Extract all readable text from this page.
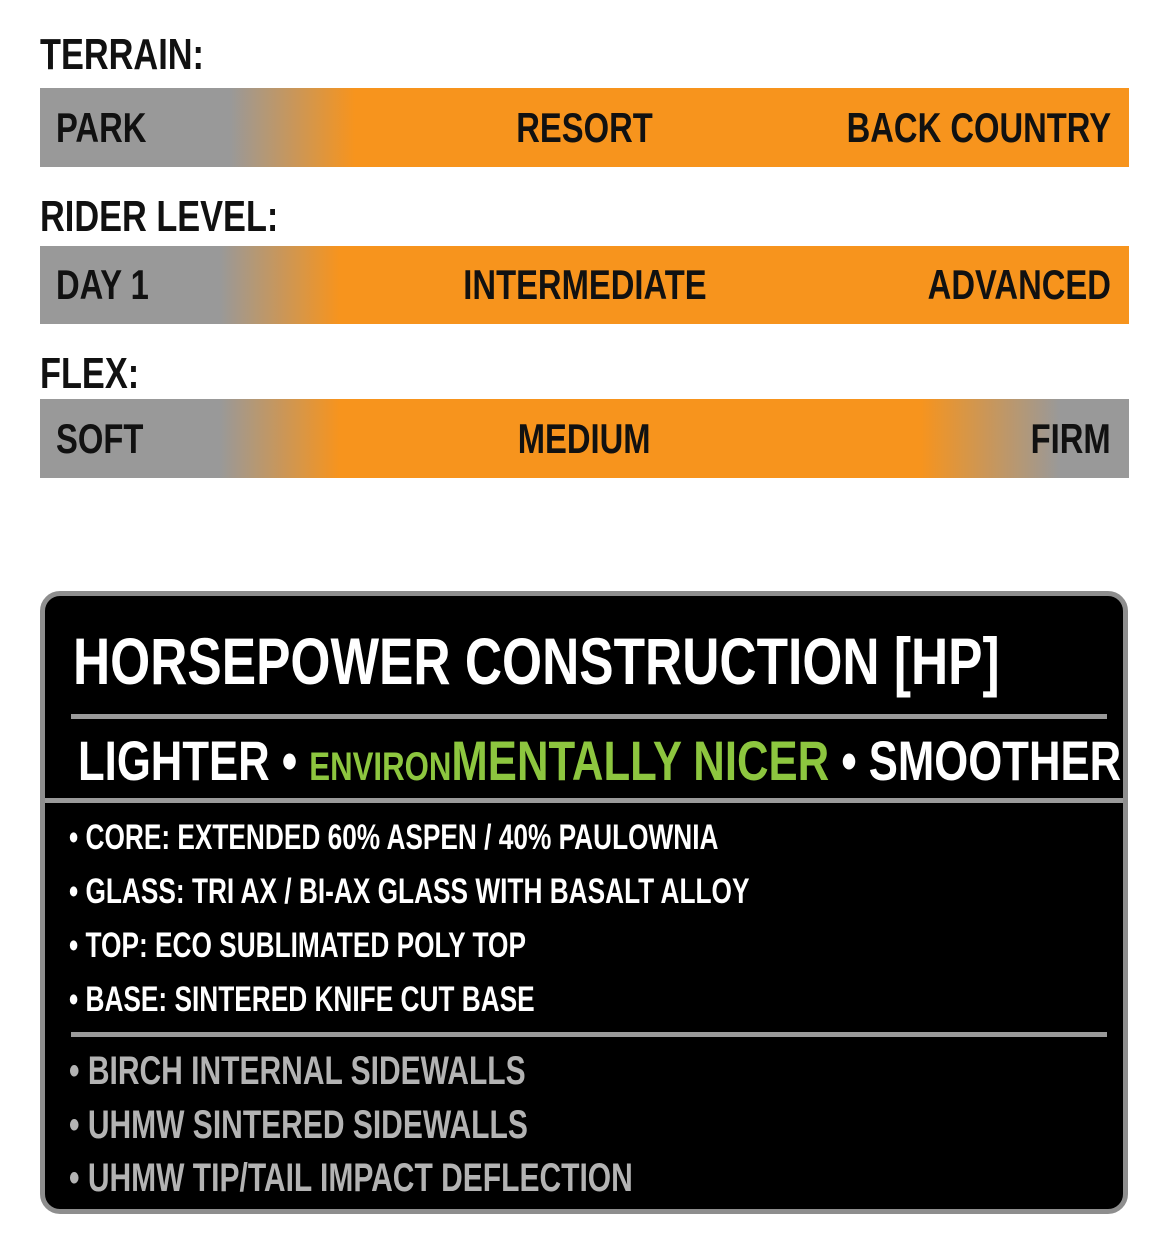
TERRAIN:
PARK	RESORT	BACK COUNTRY
RIDER LEVEL:
DAY 1	INTERMEDIATE	ADVANCED
FLEX:
SOFT	MEDIUM	FIRM
HORSEPOWER CONSTRUCTION [HP]
LIGHTER • ENVIRONMENTALLY NICER • SMOOTHER
• CORE: EXTENDED 60% ASPEN / 40% PAULOWNIA
• GLASS: TRI AX / BI-AX GLASS WITH BASALT ALLOY
• TOP: ECO SUBLIMATED POLY TOP
• BASE: SINTERED KNIFE CUT BASE
• BIRCH INTERNAL SIDEWALLS
• UHMW SINTERED SIDEWALLS
• UHMW TIP/TAIL IMPACT DEFLECTION
